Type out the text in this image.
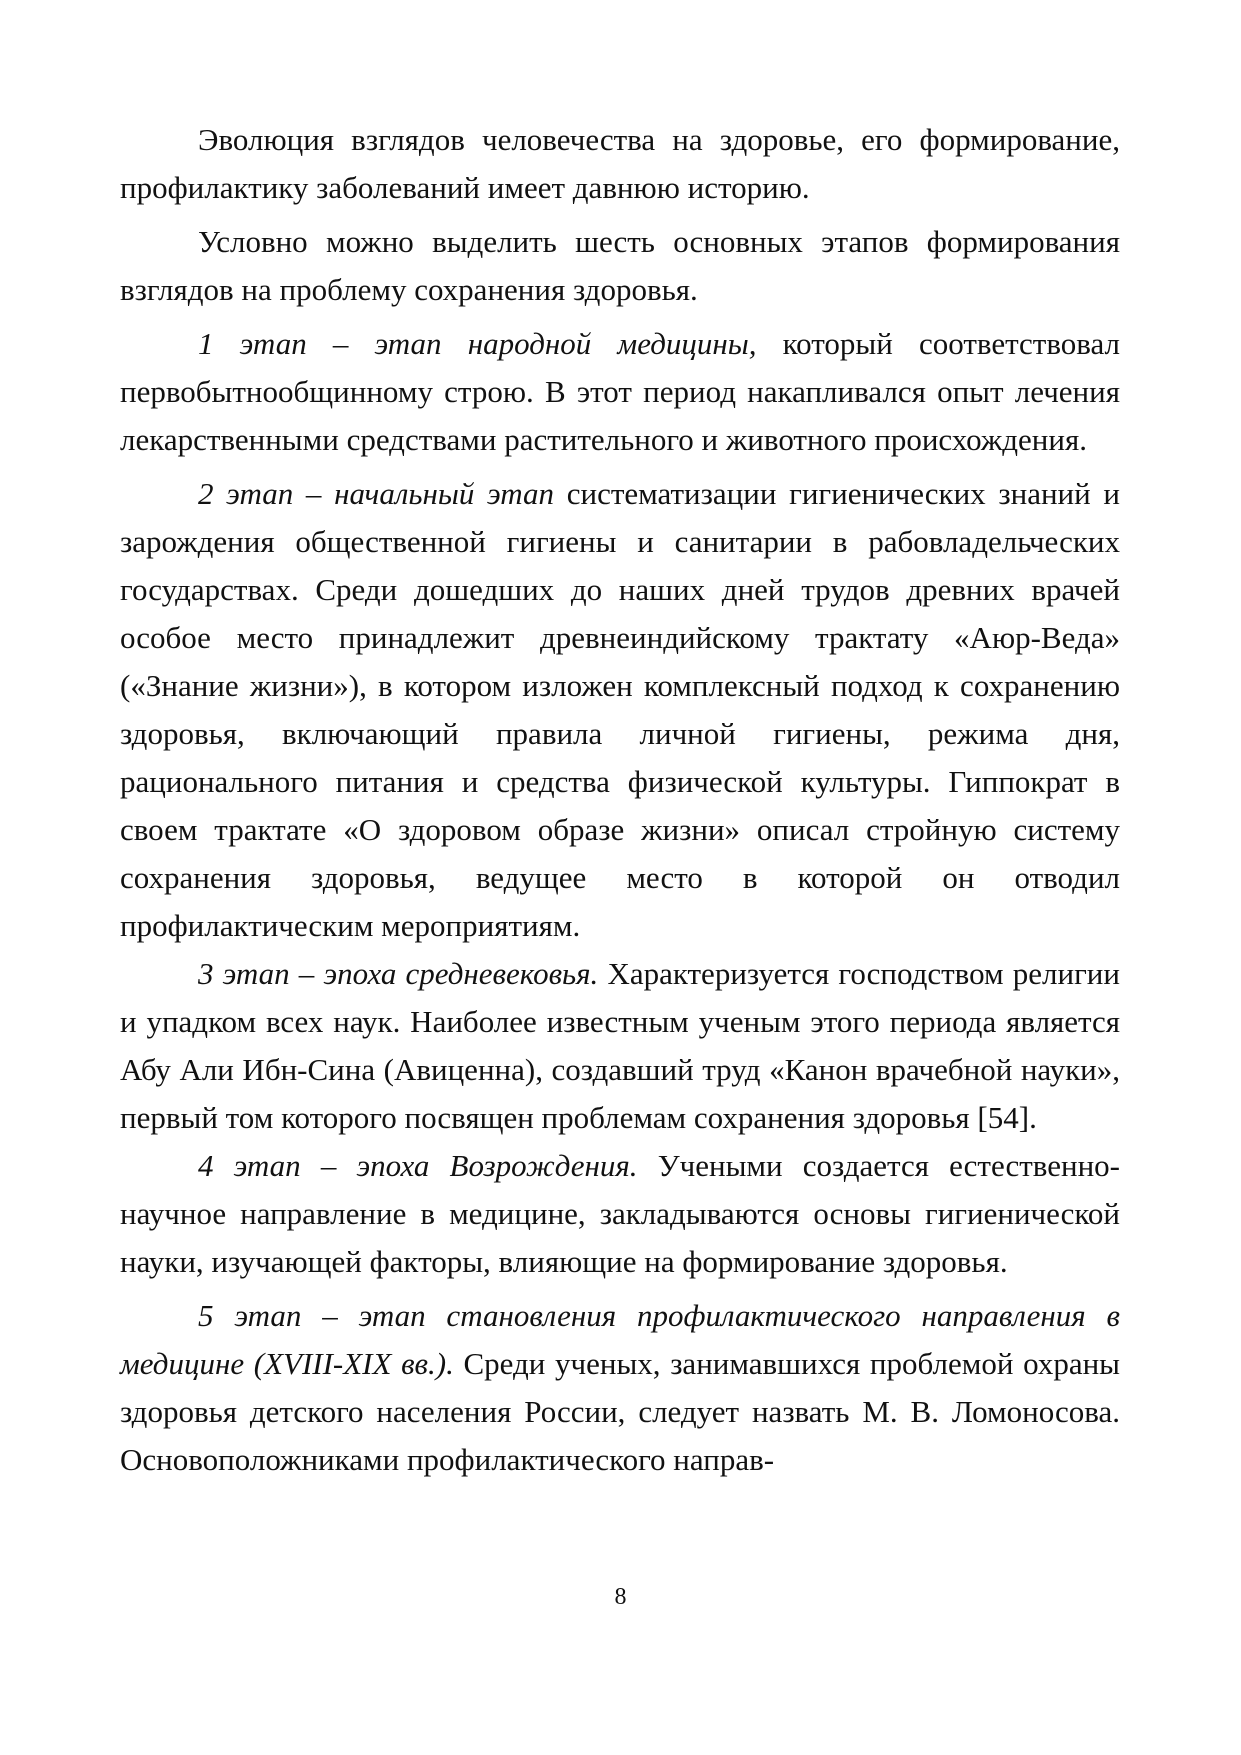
Эволюция взглядов человечества на здоровье, его формирование, профилактику заболеваний имеет давнюю историю.

Условно можно выделить шесть основных этапов формирования взглядов на проблему сохранения здоровья.

1 этап – этап народной медицины, который соответствовал первобытнообщинному строю. В этот период накапливался опыт лечения лекарственными средствами растительного и животного происхождения.

2 этап – начальный этап систематизации гигиенических знаний и зарождения общественной гигиены и санитарии в рабовладельческих государствах. Среди дошедших до наших дней трудов древних врачей особое место принадлежит древнеиндийскому трактату «Аюр-Веда» («Знание жизни»), в котором изложен комплексный подход к сохранению здоровья, включающий правила личной гигиены, режима дня, рационального питания и средства физической культуры. Гиппократ в своем трактате «О здоровом образе жизни» описал стройную систему сохранения здоровья, ведущее место в которой он отводил профилактическим мероприятиям.

3 этап – эпоха средневековья. Характеризуется господством религии и упадком всех наук. Наиболее известным ученым этого периода является Абу Али Ибн-Сина (Авиценна), создавший труд «Канон врачебной науки», первый том которого посвящен проблемам сохранения здоровья [54].

4 этап – эпоха Возрождения. Учеными создается естественнонаучное направление в медицине, закладываются основы гигиенической науки, изучающей факторы, влияющие на формирование здоровья.

5 этап – этап становления профилактического направления в медицине (XVIII-XIX вв.). Среди ученых, занимавшихся проблемой охраны здоровья детского населения России, следует назвать М. В. Ломоносова. Основоположниками профилактического направ-

8
